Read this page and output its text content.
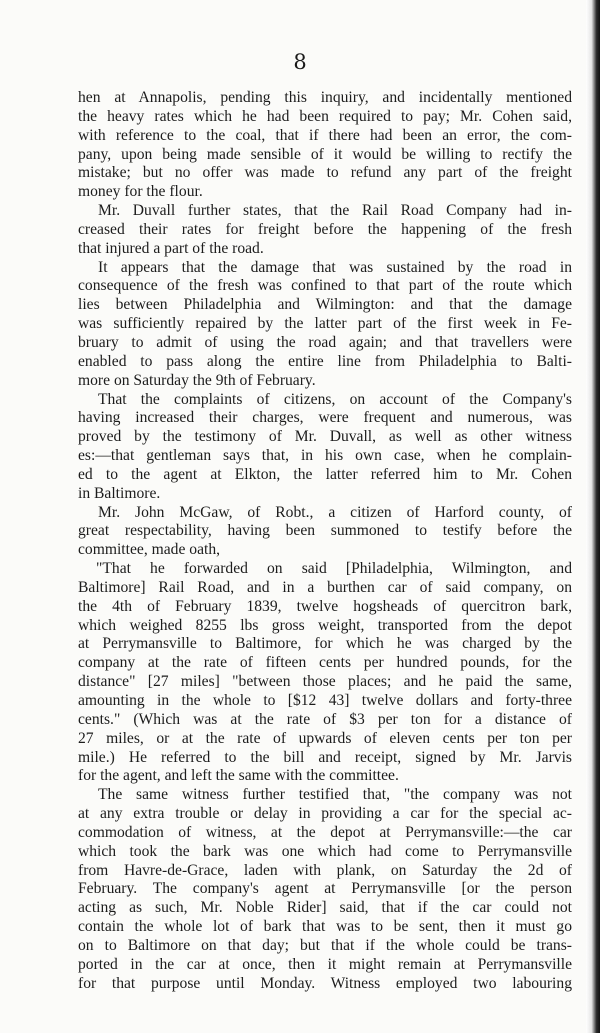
8
hen at Annapolis, pending this inquiry, and incidentally mentioned
the heavy rates which he had been required to pay; Mr. Cohen said,
with reference to the coal, that if there had been an error, the com-
pany, upon being made sensible of it would be willing to rectify the
mistake; but no offer was made to refund any part of the freight
money for the flour.
Mr. Duvall further states, that the Rail Road Company had in-
creased their rates for freight before the happening of the fresh
that injured a part of the road.
It appears that the damage that was sustained by the road in
consequence of the fresh was confined to that part of the route which
lies between Philadelphia and Wilmington: and that the damage
was sufficiently repaired by the latter part of the first week in Fe-
bruary to admit of using the road again; and that travellers were
enabled to pass along the entire line from Philadelphia to Balti-
more on Saturday the 9th of February.
That the complaints of citizens, on account of the Company's
having increased their charges, were frequent and numerous, was
proved by the testimony of Mr. Duvall, as well as other witness
es:—that gentleman says that, in his own case, when he complain-
ed to the agent at Elkton, the latter referred him to Mr. Cohen
in Baltimore.
Mr. John McGaw, of Robt., a citizen of Harford county, of
great respectability, having been summoned to testify before the
committee, made oath,
"That he forwarded on said [Philadelphia, Wilmington, and
Baltimore] Rail Road, and in a burthen car of said company, on
the 4th of February 1839, twelve hogsheads of quercitron bark,
which weighed 8255 lbs gross weight, transported from the depot
at Perrymansville to Baltimore, for which he was charged by the
company at the rate of fifteen cents per hundred pounds, for the
distance" [27 miles] "between those places; and he paid the same,
amounting in the whole to [$12 43] twelve dollars and forty-three
cents." (Which was at the rate of $3 per ton for a distance of
27 miles, or at the rate of upwards of eleven cents per ton per
mile.) He referred to the bill and receipt, signed by Mr. Jarvis
for the agent, and left the same with the committee.
The same witness further testified that, "the company was not
at any extra trouble or delay in providing a car for the special ac-
commodation of witness, at the depot at Perrymansville:—the car
which took the bark was one which had come to Perrymansville
from Havre-de-Grace, laden with plank, on Saturday the 2d of
February. The company's agent at Perrymansville [or the person
acting as such, Mr. Noble Rider] said, that if the car could not
contain the whole lot of bark that was to be sent, then it must go
on to Baltimore on that day; but that if the whole could be trans-
ported in the car at once, then it might remain at Perrymansville
for that purpose until Monday. Witness employed two labouring
